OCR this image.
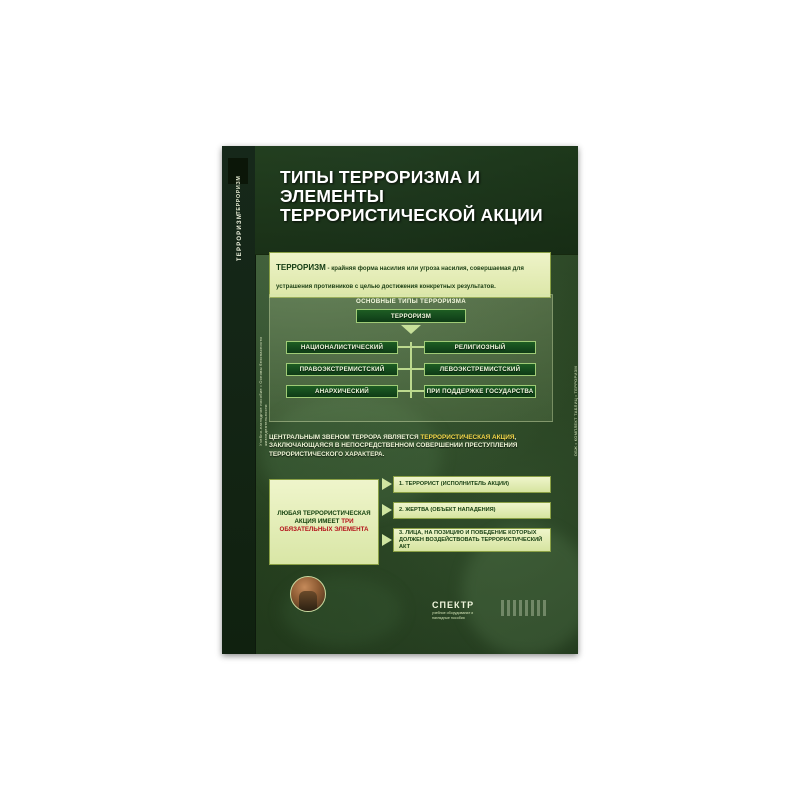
ТЕРРОРИЗМ
ТЕРРОРИЗМ
ТИПЫ ТЕРРОРИЗМА И ЭЛЕМЕНТЫ ТЕРРОРИСТИЧЕСКОЙ АКЦИИ
ТЕРРОРИЗМ - крайняя форма насилия или угроза насилия, совершаемая для устрашения противников с целью достижения конкретных результатов.
ОСНОВНЫЕ ТИПЫ ТЕРРОРИЗМА
ТЕРРОРИЗМ
НАЦИОНАЛИСТИЧЕСКИЙ	РЕЛИГИОЗНЫЙ
ПРАВОЭКСТРЕМИСТСКИЙ	ЛЕВОЭКСТРЕМИСТСКИЙ
АНАРХИЧЕСКИЙ	ПРИ ПОДДЕРЖКЕ ГОСУДАРСТВА
ЦЕНТРАЛЬНЫМ ЗВЕНОМ ТЕРРОРА ЯВЛЯЕТСЯ ТЕРРОРИСТИЧЕСКАЯ АКЦИЯ, ЗАКЛЮЧАЮЩАЯСЯ В НЕПОСРЕДСТВЕННОМ СОВЕРШЕНИИ ПРЕСТУПЛЕНИЯ ТЕРРОРИСТИЧЕСКОГО ХАРАКТЕРА.
ЛЮБАЯ ТЕРРОРИСТИЧЕСКАЯ АКЦИЯ ИМЕЕТ ТРИ ОБЯЗАТЕЛЬНЫХ ЭЛЕМЕНТА
1. ТЕРРОРИСТ (ИСПОЛНИТЕЛЬ АКЦИИ)
2. ЖЕРТВА (ОБЪЕКТ НАПАДЕНИЯ)
3. ЛИЦА, НА ПОЗИЦИЮ И ПОВЕДЕНИЕ КОТОРЫХ ДОЛЖЕН ВОЗДЕЙСТВОВАТЬ ТЕРРОРИСТИЧЕСКИЙ АКТ
СПЕКТР
учебное оборудование и наглядные пособия
ОБЖ • КОМПЛЕКТ ТАБЛИЦ • ТЕРРОРИЗМ
Учебно-наглядное пособие • Основы безопасности жизнедеятельности
